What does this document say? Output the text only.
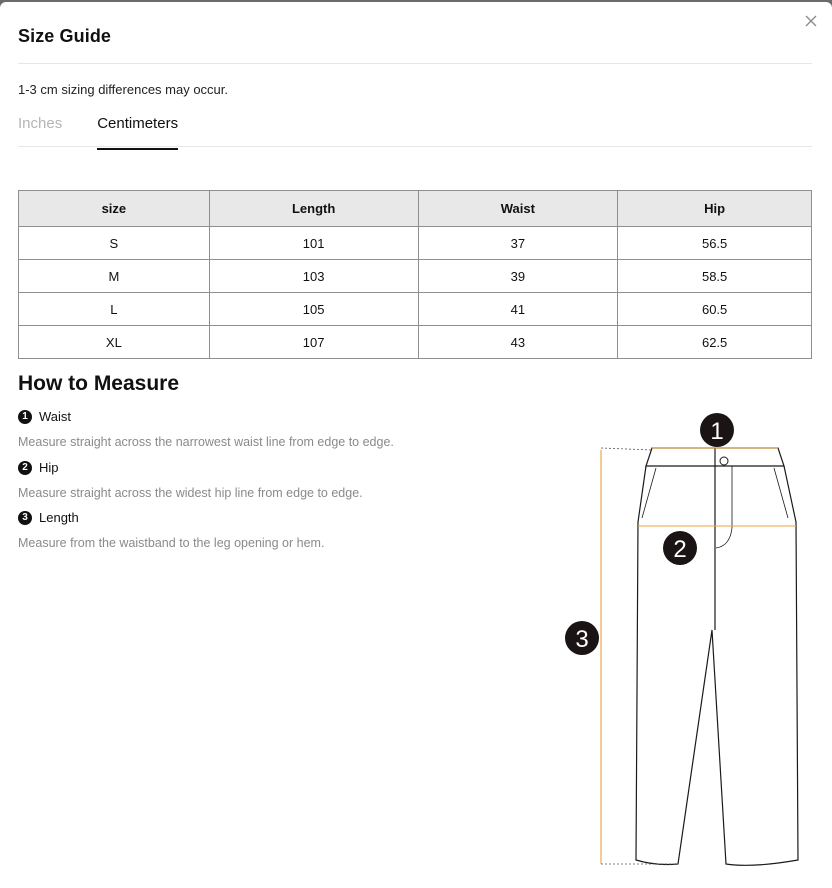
Size Guide
1-3 cm sizing differences may occur.
Inches Centimeters
size	Length	Waist	Hip
S	101	37	56.5
M	103	39	58.5
L	105	41	60.5
XL	107	43	62.5
How to Measure
1 Waist
Measure straight across the narrowest waist line from edge to edge.
2 Hip
Measure straight across the widest hip line from edge to edge.
3 Length
Measure from the waistband to the leg opening or hem.
1
2
3
